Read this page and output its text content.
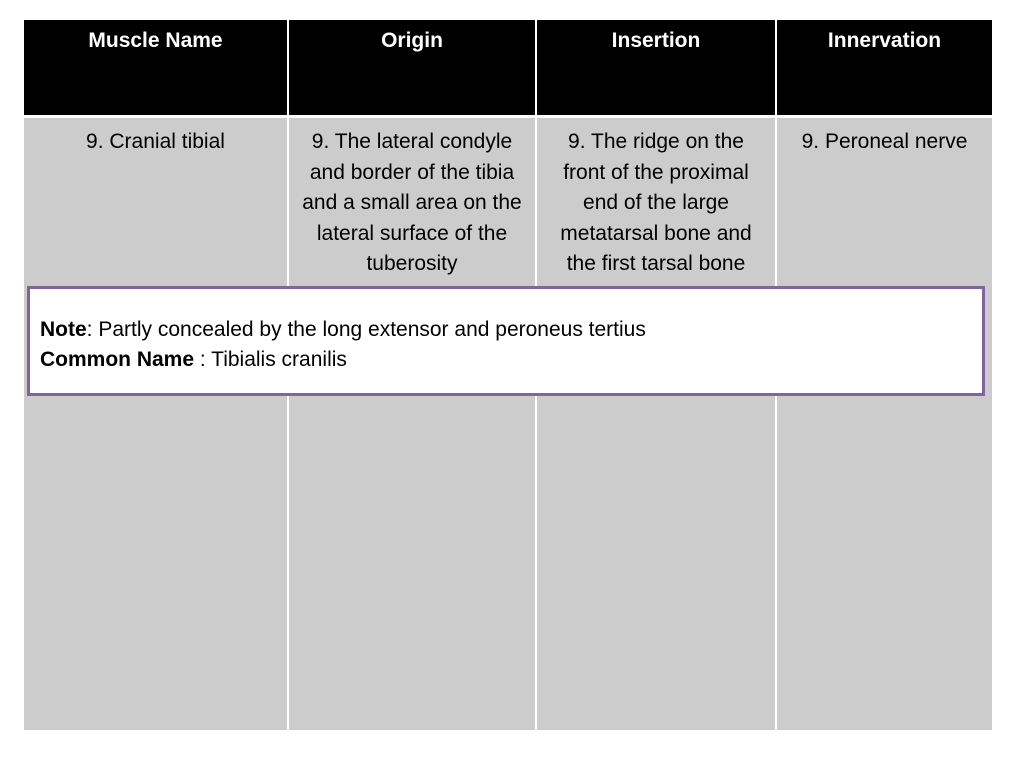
Muscle Name	Origin	Insertion	Innervation
9. Cranial tibial	9. The lateral condyle and border of the tibia and a small area on the lateral surface of the tuberosity	9. The ridge on the front of the proximal end of the large metatarsal bone and the first tarsal bone	9. Peroneal nerve
Note: Partly concealed by the long extensor and peroneus tertius
Common Name : Tibialis cranilis
